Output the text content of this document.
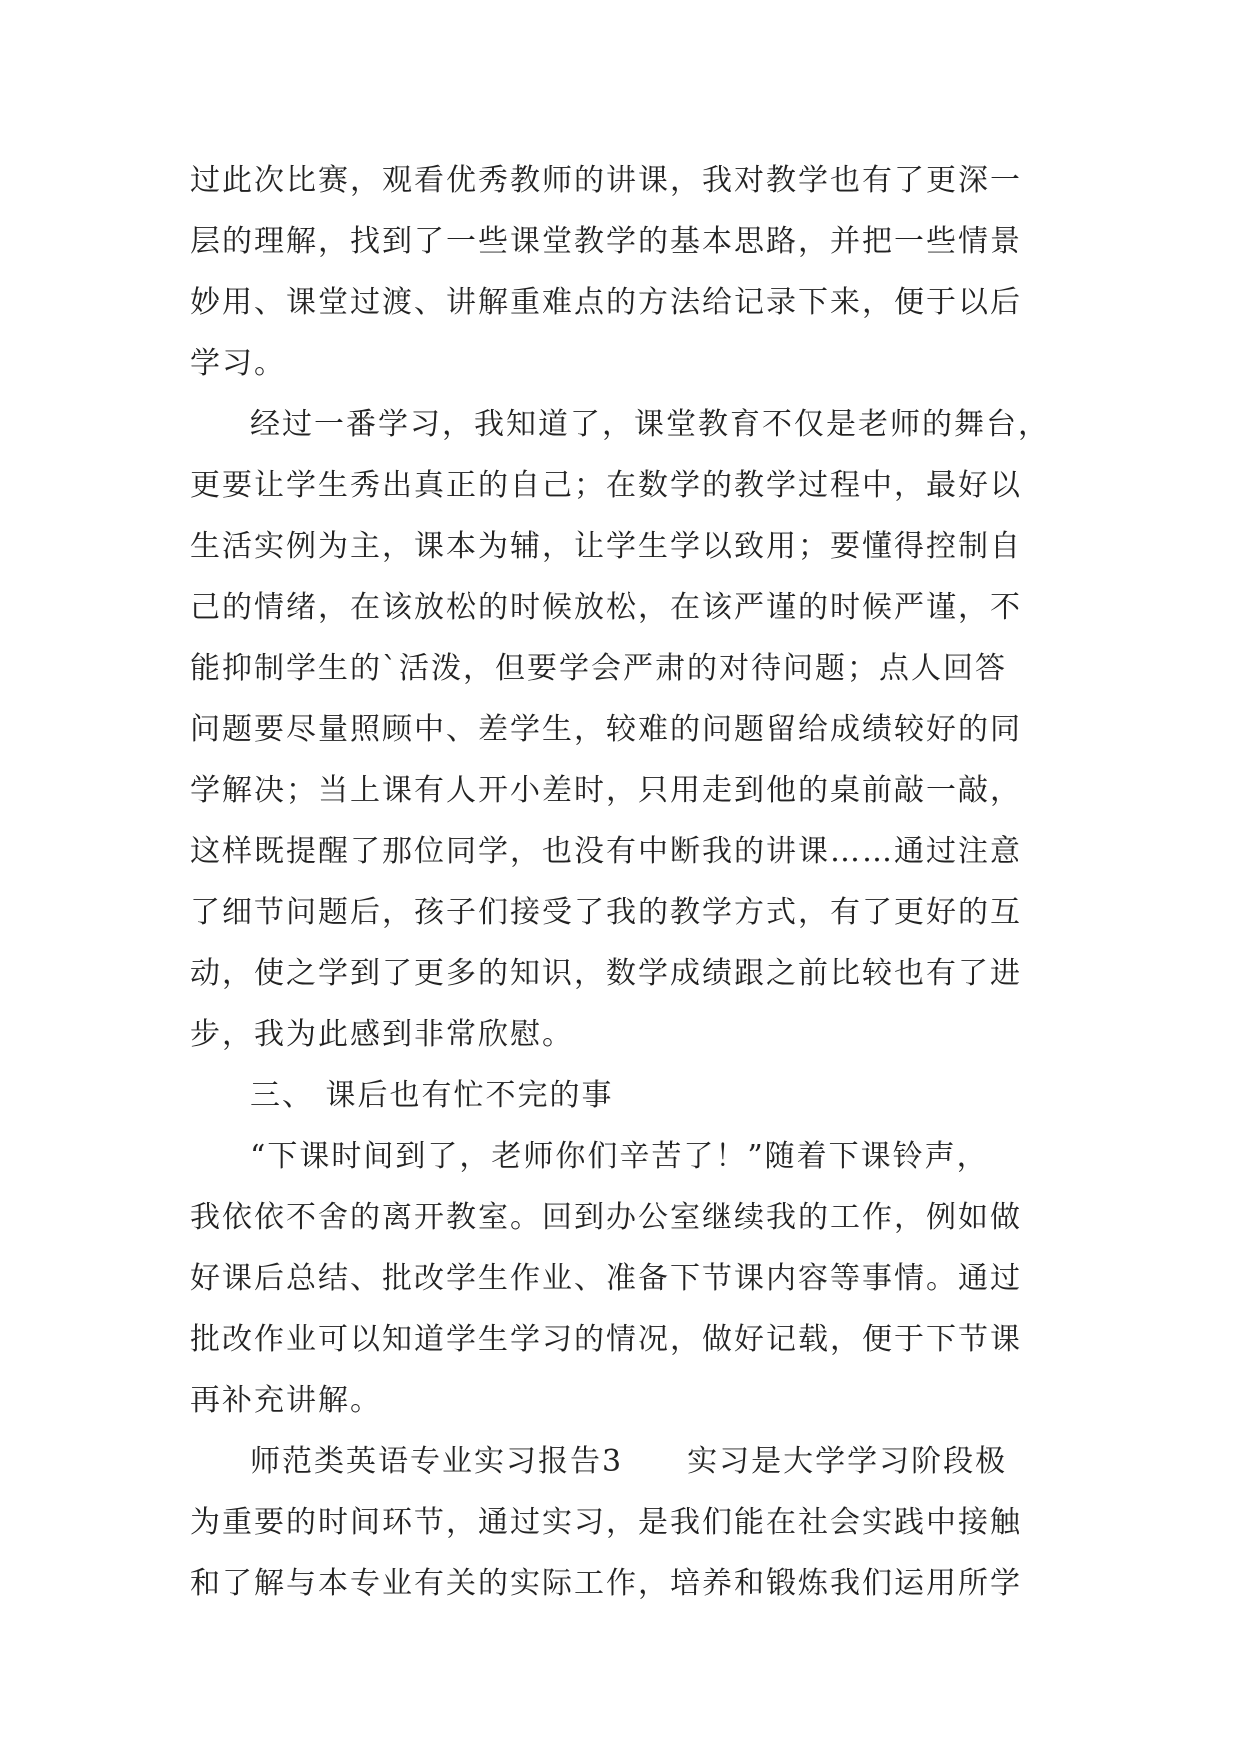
过此次比赛，观看优秀教师的讲课，我对教学也有了更深一
层的理解，找到了一些课堂教学的基本思路，并把一些情景
妙用、课堂过渡、讲解重难点的方法给记录下来，便于以后
学习。
经过一番学习，我知道了，课堂教育不仅是老师的舞台，
更要让学生秀出真正的自己；在数学的教学过程中，最好以
生活实例为主，课本为辅，让学生学以致用；要懂得控制自
己的情绪，在该放松的时候放松，在该严谨的时候严谨，不
能抑制学生的`活泼，但要学会严肃的对待问题；点人回答
问题要尽量照顾中、差学生，较难的问题留给成绩较好的同
学解决；当上课有人开小差时，只用走到他的桌前敲一敲，
这样既提醒了那位同学，也没有中断我的讲课……通过注意
了细节问题后，孩子们接受了我的教学方式，有了更好的互
动，使之学到了更多的知识，数学成绩跟之前比较也有了进
步，我为此感到非常欣慰。
三、 课后也有忙不完的事
“下课时间到了，老师你们辛苦了！”随着下课铃声，
我依依不舍的离开教室。回到办公室继续我的工作，例如做
好课后总结、批改学生作业、准备下节课内容等事情。通过
批改作业可以知道学生学习的情况，做好记载，便于下节课
再补充讲解。
师范类英语专业实习报告3　　实习是大学学习阶段极
为重要的时间环节，通过实习，是我们能在社会实践中接触
和了解与本专业有关的实际工作，培养和锻炼我们运用所学
